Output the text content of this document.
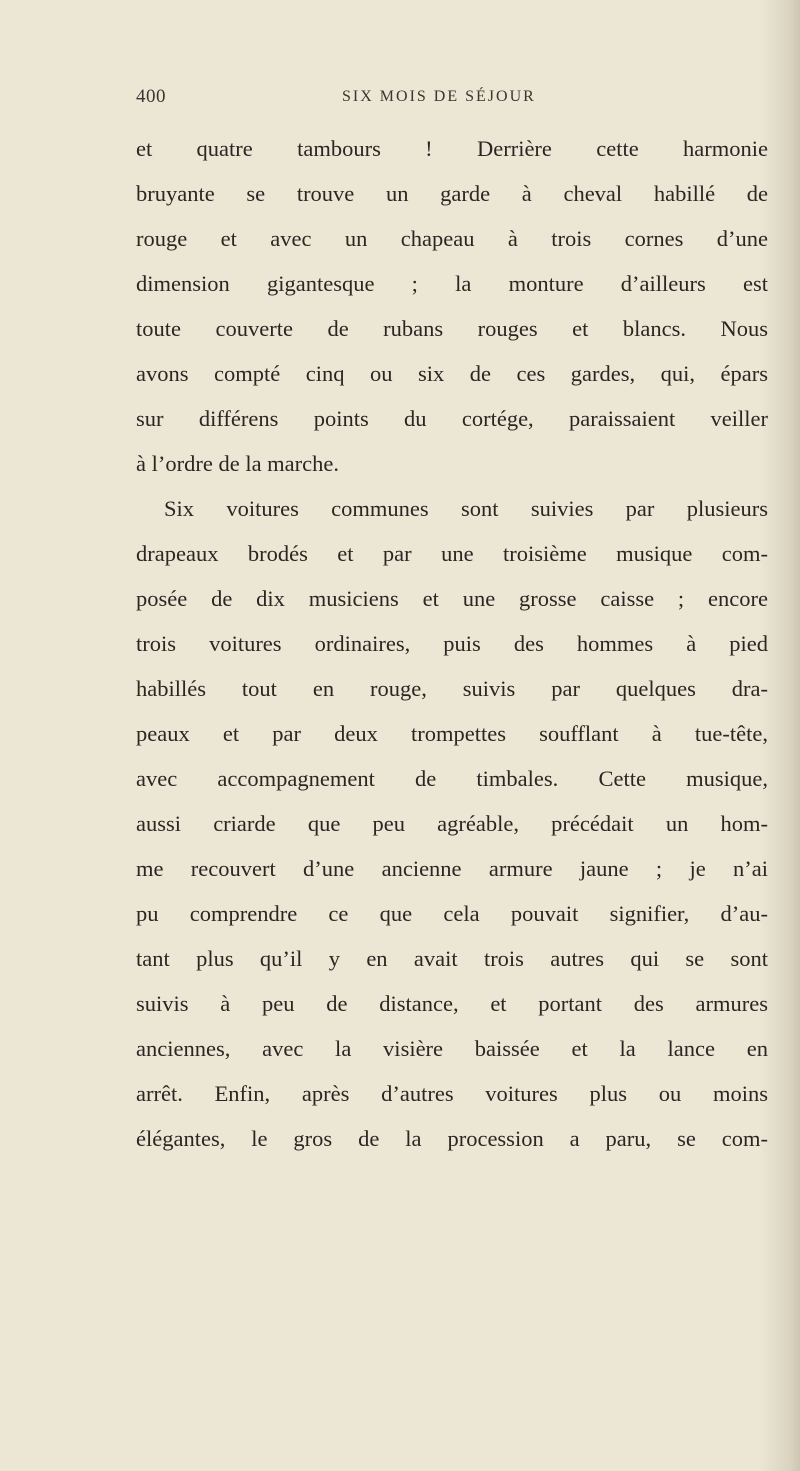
400	SIX MOIS DE SÉJOUR
et quatre tambours ! Derrière cette harmonie
bruyante se trouve un garde à cheval habillé de
rouge et avec un chapeau à trois cornes d’une
dimension gigantesque ; la monture d’ailleurs est
toute couverte de rubans rouges et blancs. Nous
avons compté cinq ou six de ces gardes, qui, épars
sur différens points du cortége, paraissaient veiller
à l’ordre de la marche.
Six voitures communes sont suivies par plusieurs
drapeaux brodés et par une troisième musique com-
posée de dix musiciens et une grosse caisse ; encore
trois voitures ordinaires, puis des hommes à pied
habillés tout en rouge, suivis par quelques dra-
peaux et par deux trompettes soufflant à tue-tête,
avec accompagnement de timbales. Cette musique,
aussi criarde que peu agréable, précédait un hom-
me recouvert d’une ancienne armure jaune ; je n’ai
pu comprendre ce que cela pouvait signifier, d’au-
tant plus qu’il y en avait trois autres qui se sont
suivis à peu de distance, et portant des armures
anciennes, avec la visière baissée et la lance en
arrêt. Enfin, après d’autres voitures plus ou moins
élégantes, le gros de la procession a paru, se com-
